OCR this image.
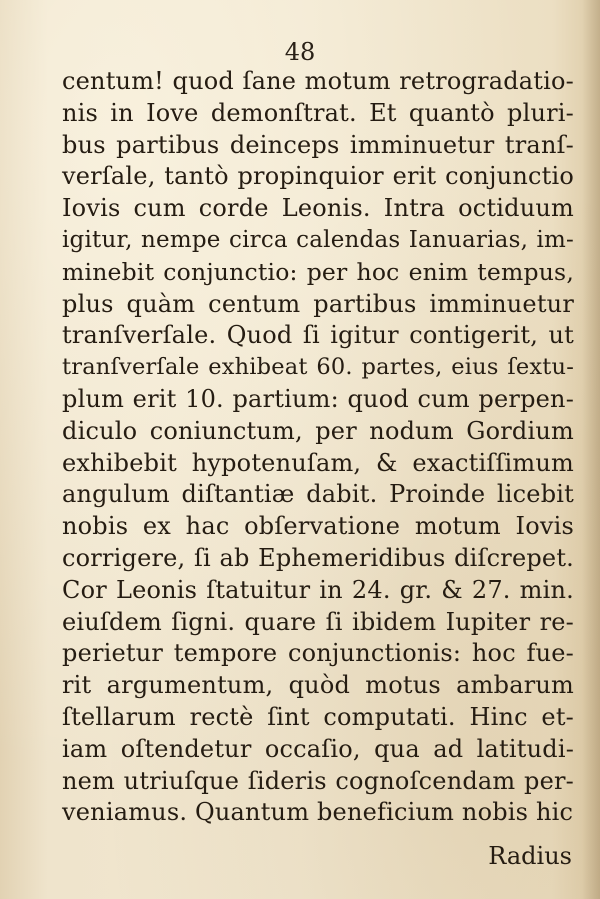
48
centum! quod ſane motum retrogradatio-
nis in Iove demonſtrat. Et quantò pluri-
bus partibus deinceps imminuetur tranſ-
verſale, tantò propinquior erit conjunctio
Iovis cum corde Leonis. Intra octiduum
igitur, nempe circa calendas Ianuarias, im-
minebit conjunctio: per hoc enim tempus,
plus quàm centum partibus imminuetur
tranſverſale. Quod ſi igitur contigerit, ut
tranſverſale exhibeat 60. partes, eius ſextu-
plum erit 10. partium: quod cum perpen-
diculo coniunctum, per nodum Gordium
exhibebit hypotenuſam, & exactiſſimum
angulum diſtantiæ dabit. Proinde licebit
nobis ex hac obſervatione motum Iovis
corrigere, ſi ab Ephemeridibus diſcrepet.
Cor Leonis ſtatuitur in 24. gr. & 27. min.
eiuſdem ſigni. quare ſi ibidem Iupiter re-
perietur tempore conjunctionis: hoc fue-
rit argumentum, quòd motus ambarum
ſtellarum rectè ſint computati. Hinc et-
iam oſtendetur occaſio, qua ad latitudi-
nem utriuſque ſideris cognoſcendam per-
veniamus. Quantum beneficium nobis hic
Radius
